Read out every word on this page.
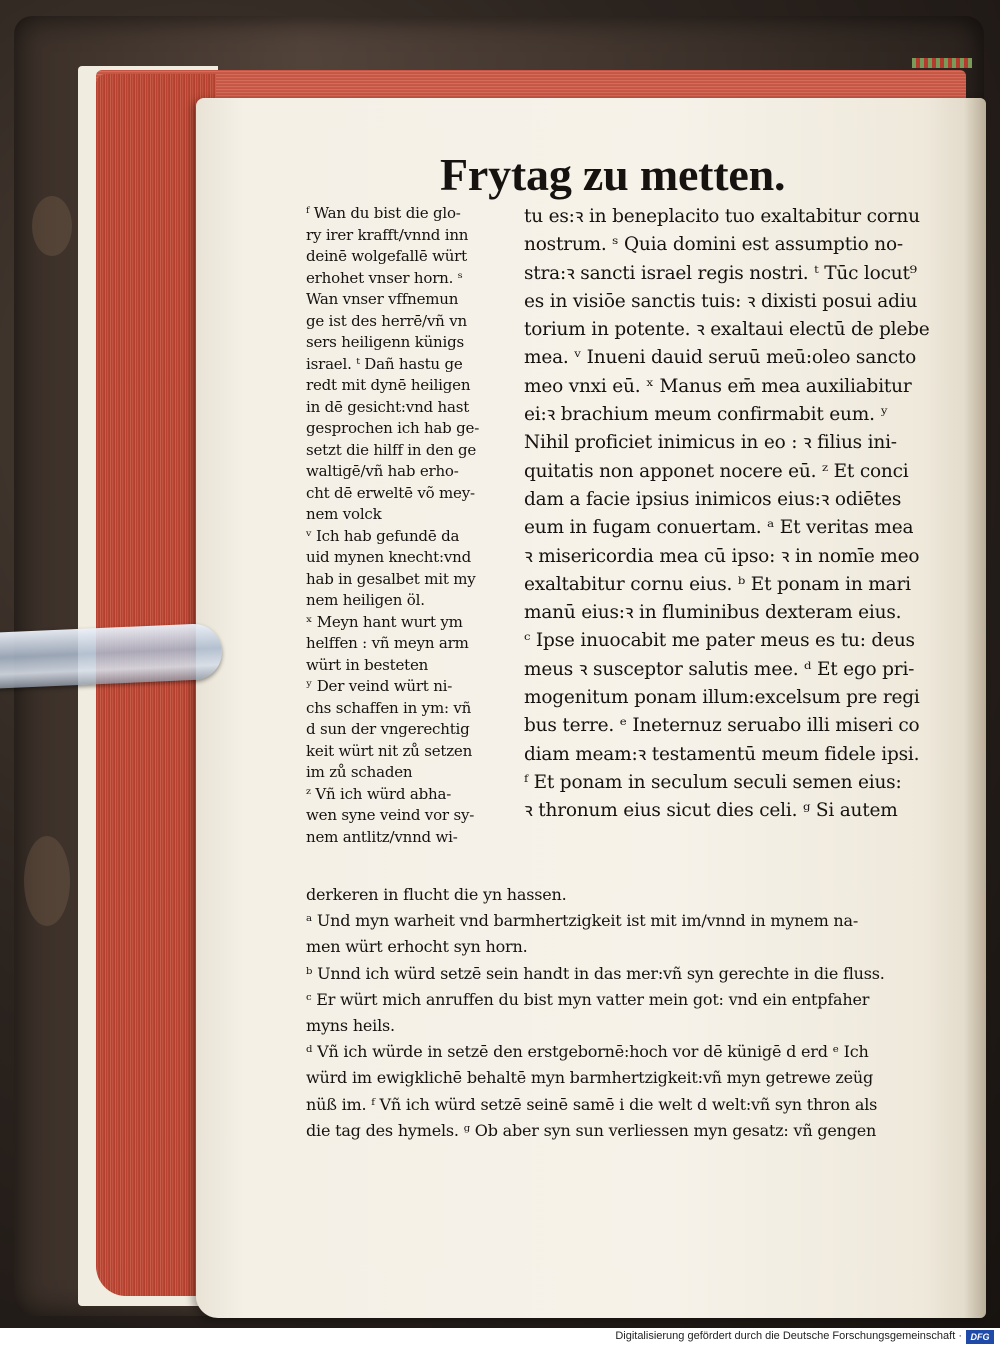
Frytag zu metten.
ᶠ Wan du bist die glo-
ry irer krafft/vnnd inn
deinē wolgefallē würt
erhohet vnser horn. ˢ
Wan vnser vffnemun
ge ist des herrē/vñ vn
sers heiligenn künigs
israel. ᵗ Dañ hastu ge
redt mit dynē heiligen
in dē gesicht:vnd hast
gesprochen ich hab ge-
setzt die hilff in den ge
waltigē/vñ hab erho-
cht dē erweltē võ mey-
nem volck
ᵛ Ich hab gefundē da
uid mynen knecht:vnd
hab in gesalbet mit my
nem heiligen öl.
ˣ Meyn hant wurt ym
helffen : vñ meyn arm
würt in besteten
ʸ Der veind würt ni-
chs schaffen in ym: vñ
d sun der vngerechtig
keit würt nit zů setzen
im zů schaden
ᶻ Vñ ich würd abha-
wen syne veind vor sy-
nem antlitz/vnnd wi-
tu es:ꝛ in beneplacito tuo exaltabitur cornu
nostrum. ˢ Quia domini est assumptio no-
stra:ꝛ sancti israel regis nostri. ᵗ Tūc locut⁹
es in visiōe sanctis tuis: ꝛ dixisti posui adiu
torium in potente. ꝛ exaltaui electū de plebe
mea. ᵛ Inueni dauid seruū meū:oleo sancto
meo vnxi eū. ˣ Manus em̄ mea auxiliabitur
ei:ꝛ brachium meum confirmabit eum. ʸ
Nihil proficiet inimicus in eo : ꝛ filius ini-
quitatis non apponet nocere eū. ᶻ Et conci
dam a facie ipsius inimicos eius:ꝛ odiētes
eum in fugam conuertam. ᵃ Et veritas mea
ꝛ misericordia mea cū ipso: ꝛ in nomīe meo
exaltabitur cornu eius. ᵇ Et ponam in mari
manū eius:ꝛ in fluminibus dexteram eius.
ᶜ Ipse inuocabit me pater meus es tu: deus
meus ꝛ susceptor salutis mee. ᵈ Et ego pri-
mogenitum ponam illum:excelsum pre regi
bus terre. ᵉ Ineternuz seruabo illi miseri co
diam meam:ꝛ testamentū meum fidele ipsi.
ᶠ Et ponam in seculum seculi semen eius:
ꝛ thronum eius sicut dies celi. ᵍ Si autem
derkeren in flucht die yn hassen.
ᵃ Und myn warheit vnd barmhertzigkeit ist mit im/vnnd in mynem na-
men würt erhocht syn horn.
ᵇ Unnd ich würd setzē sein handt in das mer:vñ syn gerechte in die fluss.
ᶜ Er würt mich anruffen du bist myn vatter mein got: vnd ein entpfaher
myns heils.
ᵈ Vñ ich würde in setzē den erstgebornē:hoch vor dē künigē d erd ᵉ Ich
würd im ewigklichē behaltē myn barmhertzigkeit:vñ myn getrewe zeüg
nüß im. ᶠ Vñ ich würd setzē seinē samē i die welt d welt:vñ syn thron als
die tag des hymels. ᵍ Ob aber syn sun verliessen myn gesatz: vñ gengen
Digitalisierung gefördert durch die Deutsche Forschungsgemeinschaft · DFG
